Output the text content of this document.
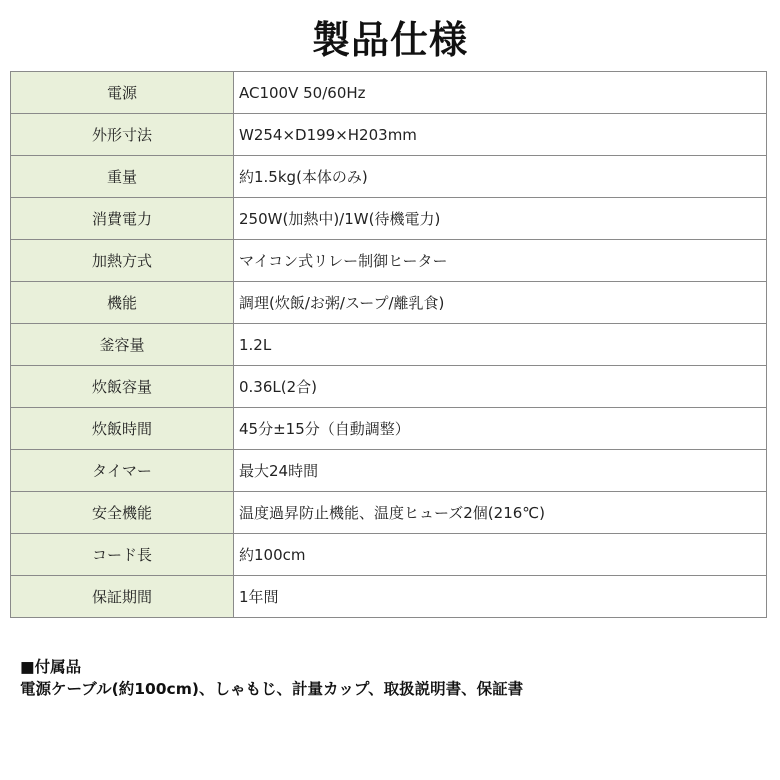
製品仕様
電源	AC100V 50/60Hz
外形寸法	W254×D199×H203mm
重量	約1.5kg(本体のみ)
消費電力	250W(加熱中)/1W(待機電力)
加熱方式	マイコン式リレー制御ヒーター
機能	調理(炊飯/お粥/スープ/離乳食)
釜容量	1.2L
炊飯容量	0.36L(2合)
炊飯時間	45分±15分（自動調整）
タイマー	最大24時間
安全機能	温度過昇防止機能、温度ヒューズ2個(216℃)
コード長	約100cm
保証期間	1年間
■付属品
電源ケーブル(約100cm)、しゃもじ、計量カップ、取扱説明書、保証書
